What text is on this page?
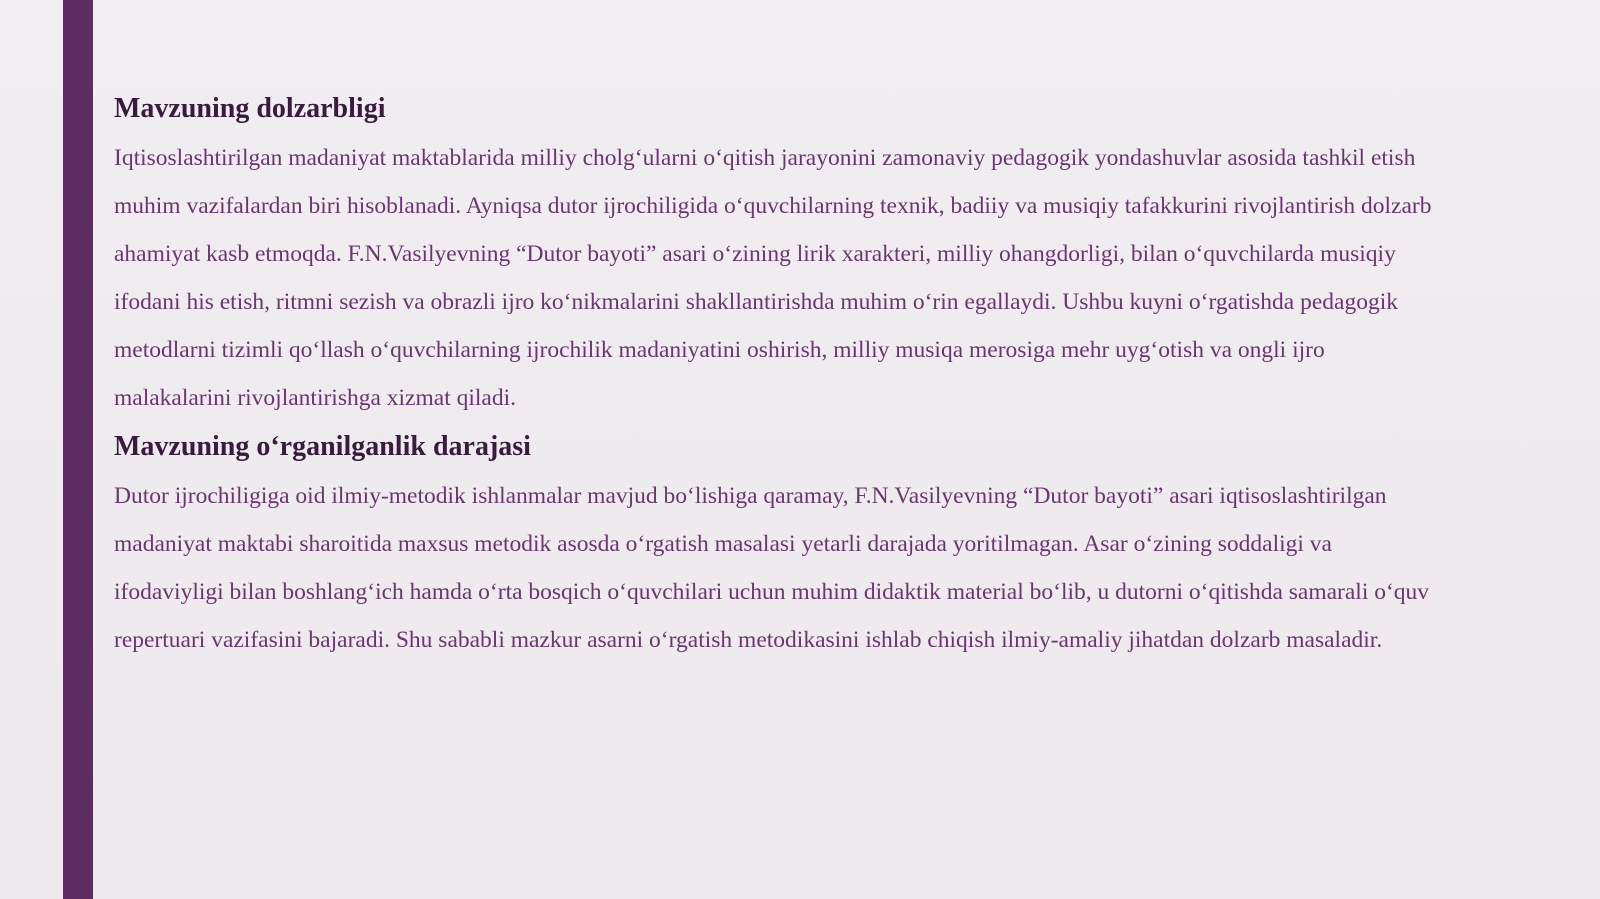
Mavzuning dolzarbligi

Iqtisoslashtirilgan madaniyat maktablarida milliy cholg‘ularni o‘qitish jarayonini zamonaviy pedagogik yondashuvlar asosida tashkil etish muhim vazifalardan biri hisoblanadi. Ayniqsa dutor ijrochiligida o‘quvchilarning texnik, badiiy va musiqiy tafakkurini rivojlantirish dolzarb ahamiyat kasb etmoqda. F.N.Vasilyevning “Dutor bayoti” asari o‘zining lirik xarakteri, milliy ohangdorligi, bilan o‘quvchilarda musiqiy ifodani his etish, ritmni sezish va obrazli ijro ko‘nikmalarini shakllantirishda muhim o‘rin egallaydi. Ushbu kuyni o‘rgatishda pedagogik metodlarni tizimli qo‘llash o‘quvchilarning ijrochilik madaniyatini oshirish, milliy musiqa merosiga mehr uyg‘otish va ongli ijro malakalarini rivojlantirishga xizmat qiladi.

Mavzuning o‘rganilganlik darajasi

Dutor ijrochiligiga oid ilmiy-metodik ishlanmalar mavjud bo‘lishiga qaramay, F.N.Vasilyevning “Dutor bayoti” asari iqtisoslashtirilgan madaniyat maktabi sharoitida maxsus metodik asosda o‘rgatish masalasi yetarli darajada yoritilmagan. Asar o‘zining soddaligi va ifodaviyligi bilan boshlang‘ich hamda o‘rta bosqich o‘quvchilari uchun muhim didaktik material bo‘lib, u dutorni o‘qitishda samarali o‘quv repertuari vazifasini bajaradi. Shu sababli mazkur asarni o‘rgatish metodikasini ishlab chiqish ilmiy-amaliy jihatdan dolzarb masaladir.
